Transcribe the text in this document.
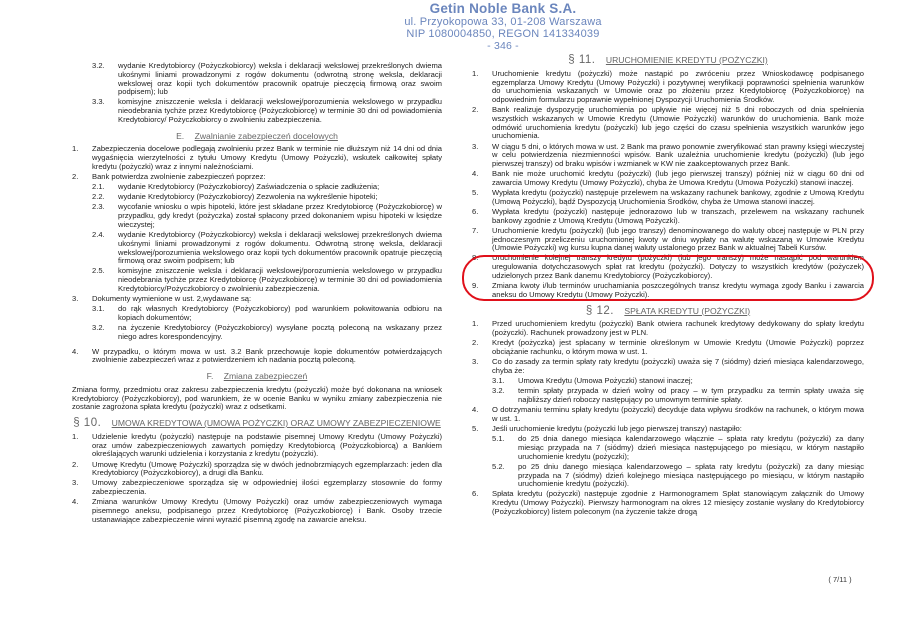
Getin Noble Bank S.A.
ul. Przyokopowa 33, 01-208 Warszawa
NIP 1080004850, REGON 141334039
- 346 -
3.2.	wydanie Kredytobiorcy (Pożyczkobiorcy) weksla i deklaracji wekslowej przekreślonych dwiema ukośnymi liniami prowadzonymi z rogów dokumentu (odwrotną stronę weksla, deklaracji wekslowej oraz kopii tych dokumentów pracownik opatruje pieczęcią firmową oraz swoim podpisem); lub
3.3.	komisyjne zniszczenie weksla i deklaracji wekslowej/porozumienia wekslowego w przypadku nieodebrania tychże przez Kredytobiorcę (Pożyczkobiorcę) w terminie 30 dni od powiadomienia Kredytobiorcy/ Pożyczkobiorcy o zwolnieniu zabezpieczenia.
E. Zwalnianie zabezpieczeń docelowych
1.	Zabezpieczenia docelowe podlegają zwolnieniu przez Bank w terminie nie dłuższym niż 14 dni od dnia wygaśnięcia wierzytelności z tytułu Umowy Kredytu (Umowy Pożyczki), wskutek całkowitej spłaty kredytu (pożyczki) wraz z innymi należnościami.
2.	Bank potwierdza zwolnienie zabezpieczeń poprzez:
2.1.	wydanie Kredytobiorcy (Pożyczkobiorcy) Zaświadczenia o spłacie zadłużenia;
2.2.	wydanie Kredytobiorcy (Pożyczkobiorcy) Zezwolenia na wykreślenie hipoteki;
2.3.	wycofanie wniosku o wpis hipoteki, które jest składane przez Kredytobiorcę (Pożyczkobiorcę) w przypadku, gdy kredyt (pożyczka) został spłacony przed dokonaniem wpisu hipoteki w księdze wieczystej;
2.4.	wydanie Kredytobiorcy (Pożyczkobiorcy) weksla i deklaracji wekslowej przekreślonych dwiema ukośnymi liniami prowadzonymi z rogów dokumentu. Odwrotną stronę weksla, deklaracji wekslowej/porozumienia wekslowego oraz kopii tych dokumentów pracownik opatruje pieczęcią firmową oraz swoim podpisem; lub
2.5.	komisyjne zniszczenie weksla i deklaracji wekslowej/porozumienia wekslowego w przypadku nieodebrania tychże przez Kredytobiorcę (Pożyczkobiorcę) w terminie 30 dni od powiadomienia Kredytobiorcy/Pożyczkobiorcy o zwolnieniu zabezpieczenia.
3.	Dokumenty wymienione w ust. 2,wydawane są:
3.1.	do rąk własnych Kredytobiorcy (Pożyczkobiorcy) pod warunkiem pokwitowania odbioru na kopiach dokumentów;
3.2.	na życzenie Kredytobiorcy (Pożyczkobiorcy) wysyłane pocztą poleconą na wskazany przez niego adres korespondencyjny.
4.	W przypadku, o którym mowa w ust. 3.2 Bank przechowuje kopie dokumentów potwierdzających zwolnienie zabezpieczeń wraz z potwierdzeniem ich nadania pocztą poleconą.
F. Zmiana zabezpieczeń
Zmiana formy, przedmiotu oraz zakresu zabezpieczenia kredytu (pożyczki) może być dokonana na wniosek Kredytobiorcy (Pożyczkobiorcy), pod warunkiem, że w ocenie Banku w wyniku zmiany zabezpieczenia nie zostanie zagrożona spłata kredytu (pożyczki) wraz z odsetkami.
§ 10. UMOWA KREDYTOWA (UMOWA POŻYCZKI) ORAZ UMOWY ZABEZPIECZENIOWE
1.	Udzielenie kredytu (pożyczki) następuje na podstawie pisemnej Umowy Kredytu (Umowy Pożyczki) oraz umów zabezpieczeniowych zawartych pomiędzy Kredytobiorcą (Pożyczkobiorcą) a Bankiem określających warunki udzielenia i korzystania z kredytu (pożyczki).
2.	Umowę Kredytu (Umowę Pożyczki) sporządza się w dwóch jednobrzmiących egzemplarzach: jeden dla Kredytobiorcy (Pożyczkobiorcy), a drugi dla Banku.
3.	Umowy zabezpieczeniowe sporządza się w odpowiedniej ilości egzemplarzy stosownie do formy zabezpieczenia.
4.	Zmiana warunków Umowy Kredytu (Umowy Pożyczki) oraz umów zabezpieczeniowych wymaga pisemnego aneksu, podpisanego przez Kredytobiorcę (Pożyczkobiorcę) i Bank. Osoby trzecie ustanawiające zabezpieczenie winni wyrazić pisemną zgodę na zawarcie aneksu.
§ 11. URUCHOMIENIE KREDYTU (POŻYCZKI)
1.	Uruchomienie kredytu (pożyczki) może nastąpić po zwróceniu przez Wnioskodawcę podpisanego egzemplarza Umowy Kredytu (Umowy Pożyczki) i pozytywnej weryfikacji poprawności spełnienia warunków do uruchomienia wskazanych w Umowie oraz po złożeniu przez Kredytobiorcę (Pożyczkobiorcę) na odpowiednim formularzu poprawnie wypełnionej Dyspozycji Uruchomienia Środków.
2.	Bank realizuje dyspozycję uruchomienia po upływie nie więcej niż 5 dni roboczych od dnia spełnienia wszystkich wskazanych w Umowie Kredytu (Umowie Pożyczki) warunków do uruchomienia. Bank może odmówić uruchomienia kredytu (pożyczki) lub jego części do czasu spełnienia wszystkich warunków jego uruchomienia.
3.	W ciągu 5 dni, o których mowa w ust. 2 Bank ma prawo ponownie zweryfikować stan prawny księgi wieczystej w celu potwierdzenia niezmienności wpisów. Bank uzależnia uruchomienie kredytu (pożyczki) (lub jego pierwszej transzy) od braku wpisów i wzmianek w KW nie zaakceptowanych przez Bank.
4.	Bank nie może uruchomić kredytu (pożyczki) (lub jego pierwszej transzy) później niż w ciągu 60 dni od zawarcia Umowy Kredytu (Umowy Pożyczki), chyba że Umowa Kredytu (Umowa Pożyczki) stanowi inaczej.
5.	Wypłata kredytu (pożyczki) następuje przelewem na wskazany rachunek bankowy, zgodnie z Umową Kredytu (Umową Pożyczki), bądź Dyspozycją Uruchomienia Środków, chyba że Umowa stanowi inaczej.
6.	Wypłata kredytu (pożyczki) następuje jednorazowo lub w transzach, przelewem na wskazany rachunek bankowy zgodnie z Umową Kredytu (Umową Pożyczki).
7.	Uruchomienie kredytu (pożyczki) (lub jego transzy) denominowanego do waluty obcej następuje w PLN przy jednoczesnym przeliczeniu uruchomionej kwoty w dniu wypłaty na walutę wskazaną w Umowie Kredytu (Umowie Pożyczki) wg kursu kupna danej waluty ustalonego przez Bank w aktualnej Tabeli Kursów.
8.	Uruchomienie kolejnej transzy kredytu (pożyczki) (lub jego transzy) może nastąpić pod warunkiem uregulowania dotychczasowych spłat rat kredytu (pożyczki). Dotyczy to wszystkich kredytów (pożyczek) udzielonych przez Bank danemu Kredytobiorcy (Pożyczkobiorcy).
9.	Zmiana kwoty i/lub terminów uruchamiania poszczególnych transz kredytu wymaga zgody Banku i zawarcia aneksu do Umowy Kredytu (Umowy Pożyczki).
§ 12. SPŁATA KREDYTU (POŻYCZKI)
1.	Przed uruchomieniem kredytu (pożyczki) Bank otwiera rachunek kredytowy dedykowany do spłaty kredytu (pożyczki). Rachunek prowadzony jest w PLN.
2.	Kredyt (pożyczka) jest spłacany w terminie określonym w Umowie Kredytu (Umowie Pożyczki) poprzez obciążanie rachunku, o którym mowa w ust. 1.
3.	Co do zasady za termin spłaty raty kredytu (pożyczki) uważa się 7 (siódmy) dzień miesiąca kalendarzowego, chyba że:
3.1.	Umowa Kredytu (Umowa Pożyczki) stanowi inaczej;
3.2.	termin spłaty przypada w dzień wolny od pracy – w tym przypadku za termin spłaty uważa się najbliższy dzień roboczy następujący po umownym terminie spłaty.
4.	O dotrzymaniu terminu spłaty kredytu (pożyczki) decyduje data wpływu środków na rachunek, o którym mowa w ust. 1.
5.	Jeśli uruchomienie kredytu (pożyczki lub jego pierwszej transzy) nastąpiło:
5.1.	do 25 dnia danego miesiąca kalendarzowego włącznie – spłata raty kredytu (pożyczki) za dany miesiąc przypada na 7 (siódmy) dzień miesiąca następującego po miesiącu, w którym nastąpiło uruchomienie kredytu (pożyczki);
5.2.	po 25 dniu danego miesiąca kalendarzowego – spłata raty kredytu (pożyczki) za dany miesiąc przypada na 7 (siódmy) dzień kolejnego miesiąca następującego po miesiącu, w którym nastąpiło uruchomienie kredytu (pożyczki).
6.	Spłata kredytu (pożyczki) następuje zgodnie z Harmonogramem Spłat stanowiącym załącznik do Umowy Kredytu (Umowy Pożyczki). Pierwszy harmonogram na okres 12 miesięcy zostanie wysłany do Kredytobiorcy (Pożyczkobiorcy) listem poleconym (na życzenie także drogą
( 7/11 )
